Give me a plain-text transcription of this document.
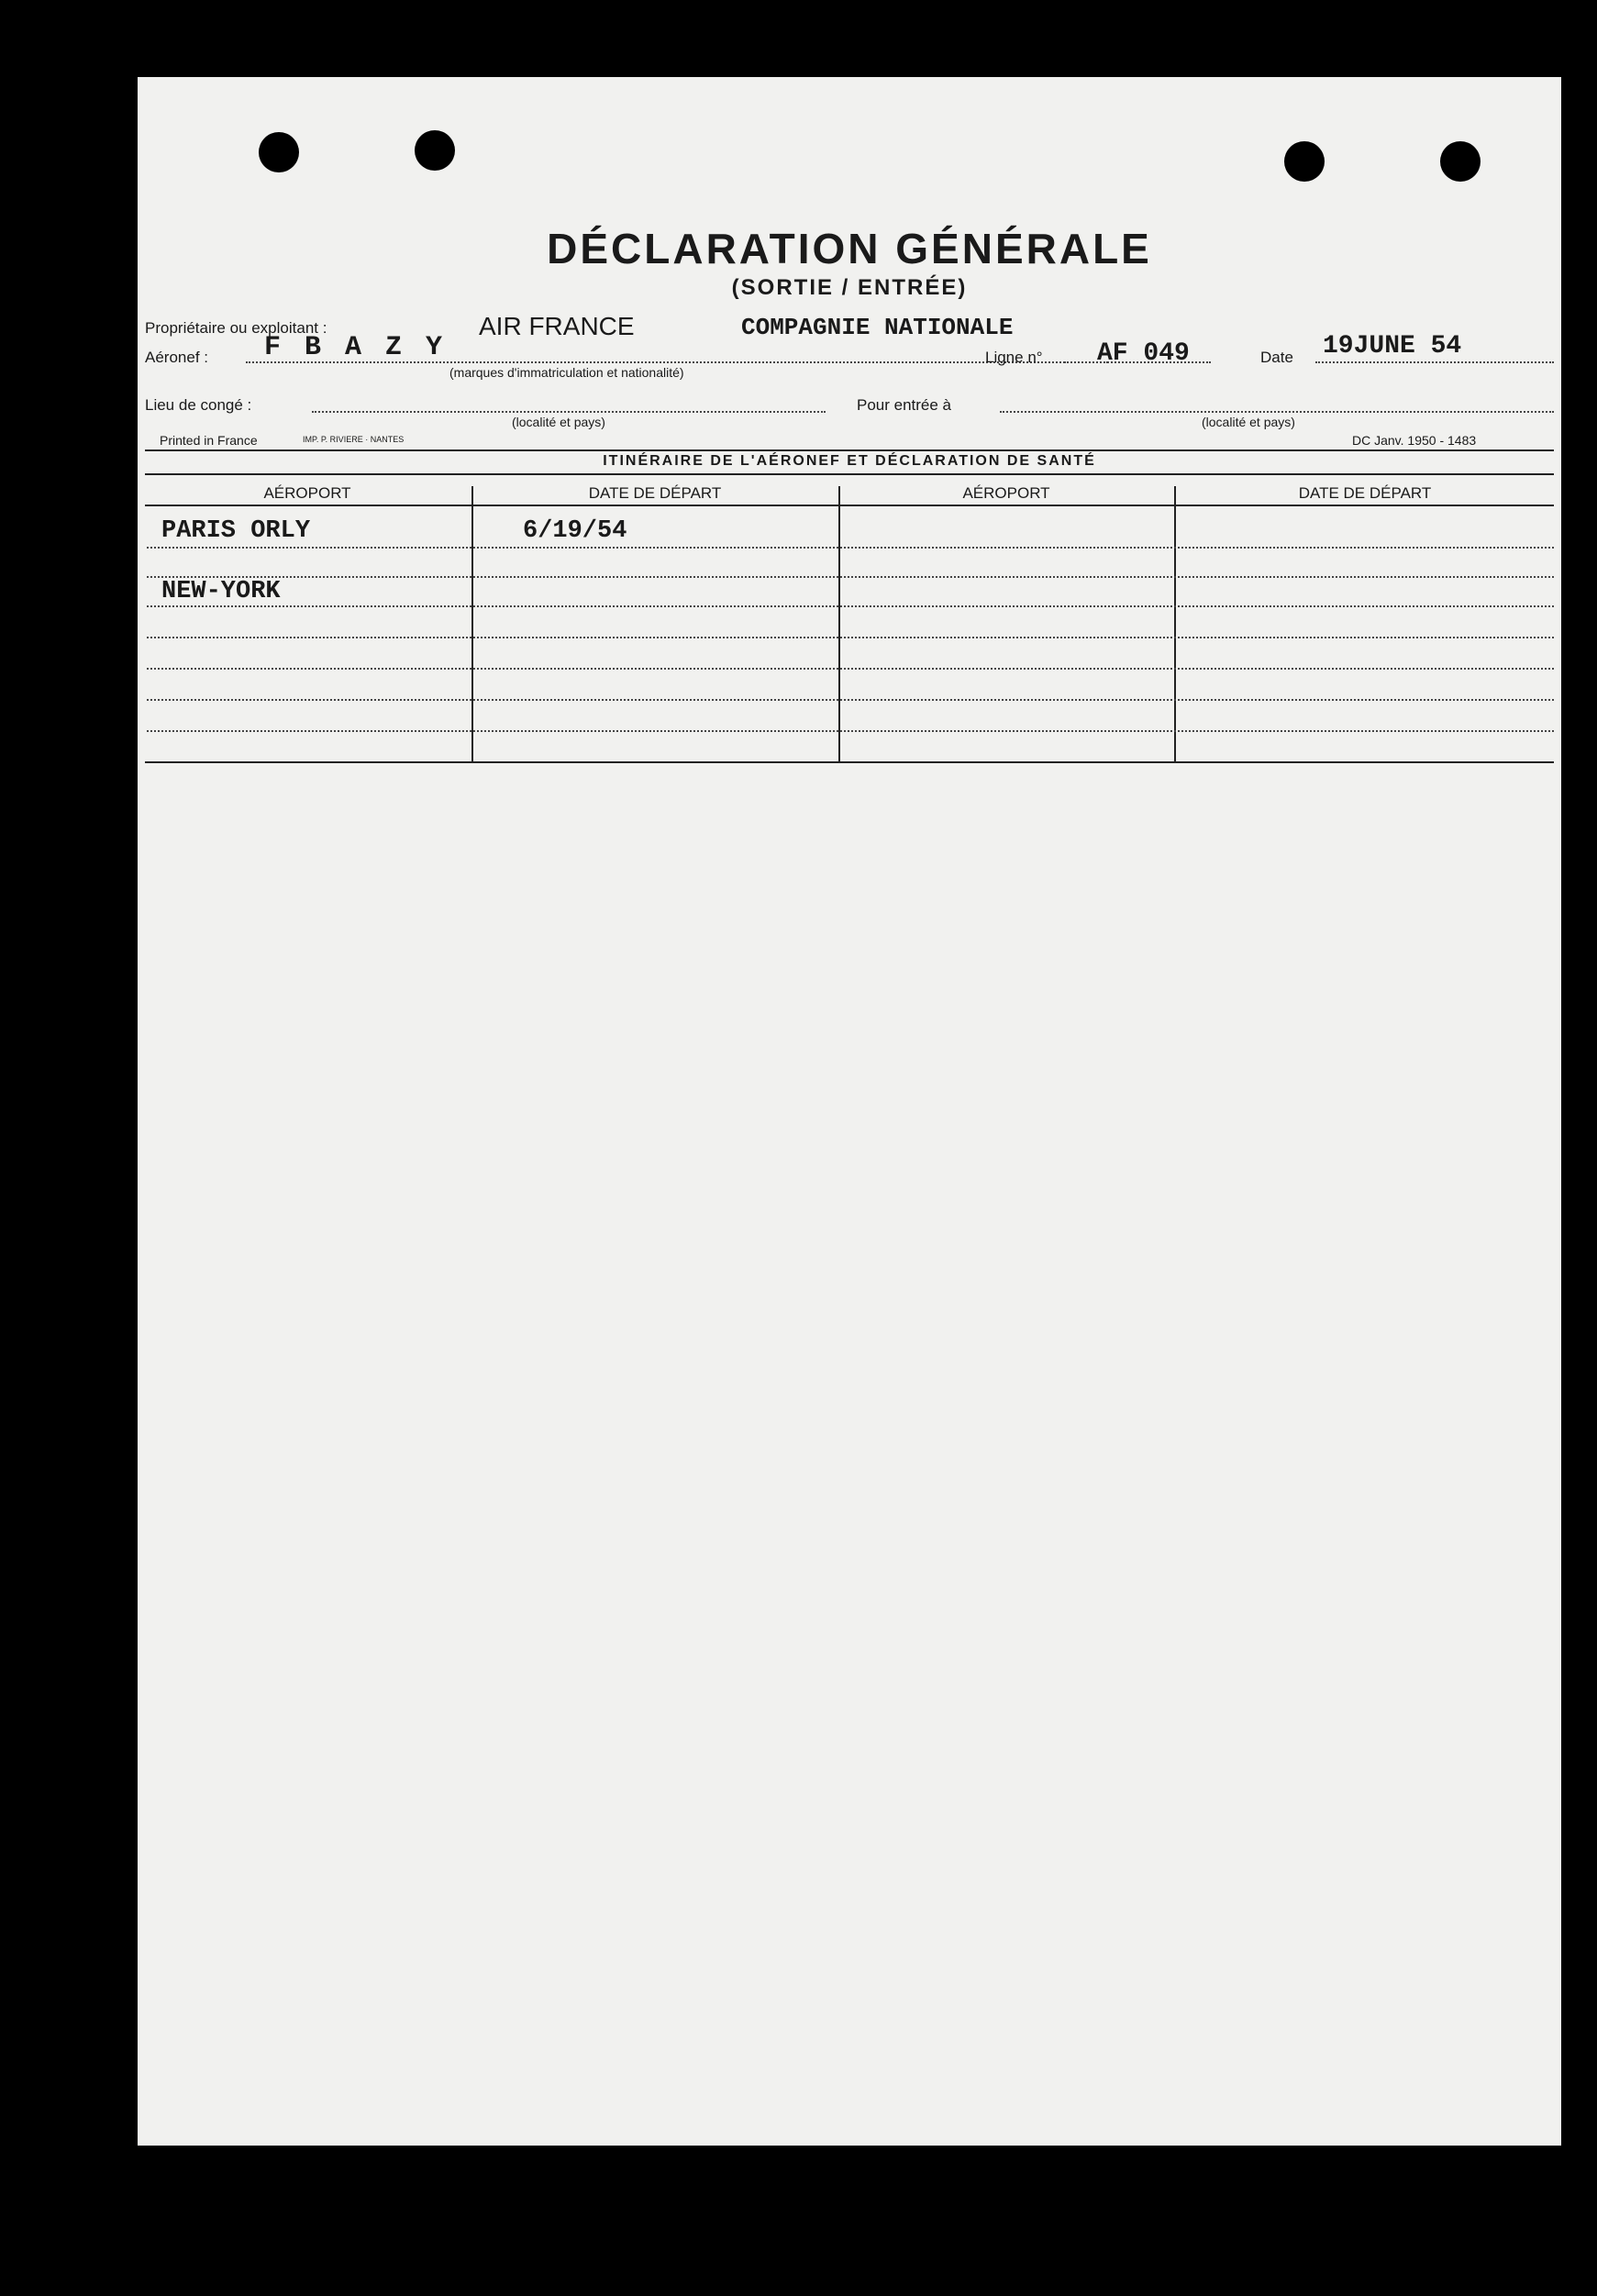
DÉCLARATION GÉNÉRALE
(SORTIE / ENTRÉE)
Propriétaire ou exploitant :	AIR FRANCE	COMPAGNIE NATIONALE
Aéronef : F B A Z Y
(marques d'immatriculation et nationalité)
Ligne n° AF 049	Date 19JUNE 54
Lieu de congé :	Pour entrée à
(localité et pays)	(localité et pays)
Printed in France	IMP. P. RIVIERE · NANTES	DC Janv. 1950 - 1483
ITINÉRAIRE DE L'AÉRONEF ET DÉCLARATION DE SANTÉ
AÉROPORT	DATE DE DÉPART	AÉROPORT	DATE DE DÉPART
PARIS ORLY	6/19/54
NEW-YORK
